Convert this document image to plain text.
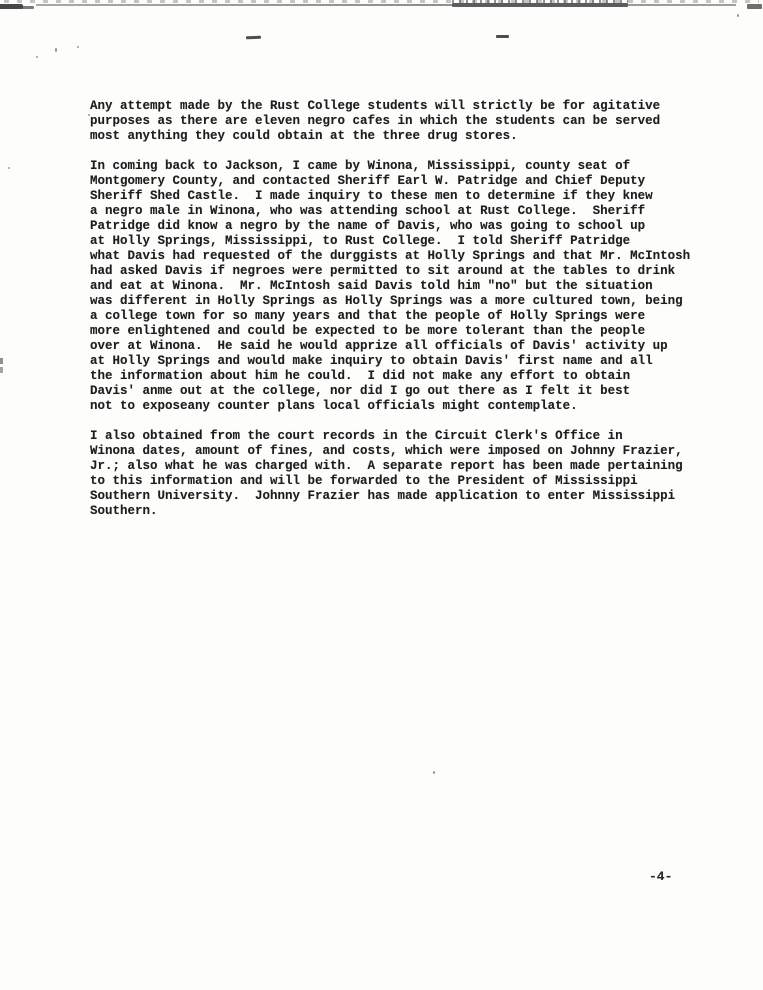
Any attempt made by the Rust College students will strictly be for agitative
purposes as there are eleven negro cafes in which the students can be served
most anything they could obtain at the three drug stores.
In coming back to Jackson, I came by Winona, Mississippi, county seat of
Montgomery County, and contacted Sheriff Earl W. Patridge and Chief Deputy
Sheriff Shed Castle.  I made inquiry to these men to determine if they knew
a negro male in Winona, who was attending school at Rust College.  Sheriff
Patridge did know a negro by the name of Davis, who was going to school up
at Holly Springs, Mississippi, to Rust College.  I told Sheriff Patridge
what Davis had requested of the durggists at Holly Springs and that Mr. McIntosh
had asked Davis if negroes were permitted to sit around at the tables to drink
and eat at Winona.  Mr. McIntosh said Davis told him "no" but the situation
was different in Holly Springs as Holly Springs was a more cultured town, being
a college town for so many years and that the people of Holly Springs were
more enlightened and could be expected to be more tolerant than the people
over at Winona.  He said he would apprize all officials of Davis' activity up
at Holly Springs and would make inquiry to obtain Davis' first name and all
the information about him he could.  I did not make any effort to obtain
Davis' anme out at the college, nor did I go out there as I felt it best
not to exposeany counter plans local officials might contemplate.
I also obtained from the court records in the Circuit Clerk's Office in
Winona dates, amount of fines, and costs, which were imposed on Johnny Frazier,
Jr.; also what he was charged with.  A separate report has been made pertaining
to this information and will be forwarded to the President of Mississippi
Southern University.  Johnny Frazier has made application to enter Mississippi
Southern.
-4-
